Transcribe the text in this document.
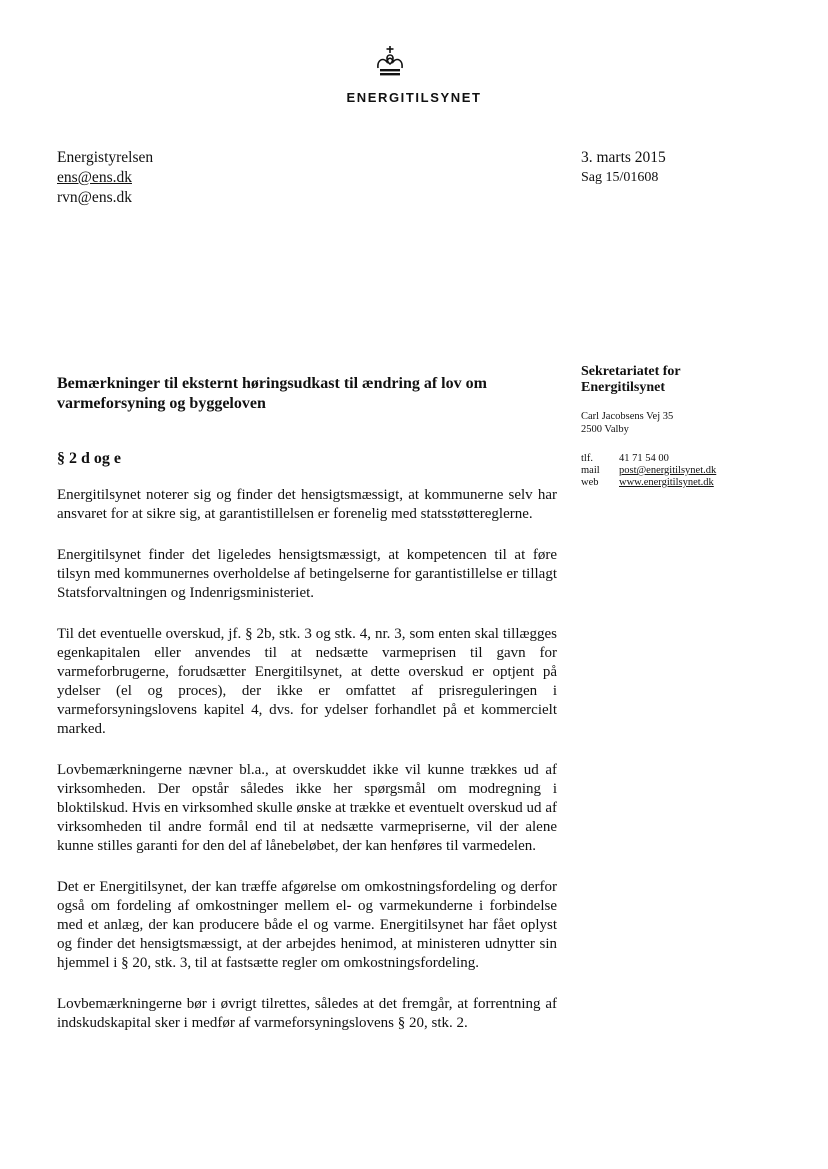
ENERGITILSYNET
Energistyrelsen
ens@ens.dk
rvn@ens.dk
3. marts 2015
Sag 15/01608
Bemærkninger til eksternt høringsudkast til ændring af lov om varmeforsyning og byggeloven
Sekretariatet for
Energitilsynet
Carl Jacobsens Vej 35
2500 Valby
tlf.	41 71 54 00
mail	post@energitilsynet.dk
web	www.energitilsynet.dk
§ 2 d og e

Energitilsynet noterer sig og finder det hensigtsmæssigt, at kommunerne selv har ansvaret for at sikre sig, at garantistillelsen er forenelig med statsstøttereglerne.

Energitilsynet finder det ligeledes hensigtsmæssigt, at kompetencen til at føre tilsyn med kommunernes overholdelse af betingelserne for garantistillelse er tillagt Statsforvaltningen og Indenrigsministeriet.

Til det eventuelle overskud, jf. § 2b, stk. 3 og stk. 4, nr. 3, som enten skal tillægges egenkapitalen eller anvendes til at nedsætte varmeprisen til gavn for varmeforbrugerne, forudsætter Energitilsynet, at dette overskud er optjent på ydelser (el og proces), der ikke er omfattet af prisreguleringen i varmeforsyningslovens kapitel 4, dvs. for ydelser forhandlet på et kommercielt marked.

Lovbemærkningerne nævner bl.a., at overskuddet ikke vil kunne trækkes ud af virksomheden. Der opstår således ikke her spørgsmål om modregning i bloktilskud. Hvis en virksomhed skulle ønske at trække et eventuelt overskud ud af virksomheden til andre formål end til at nedsætte varmepriserne, vil der alene kunne stilles garanti for den del af lånebeløbet, der kan henføres til varmedelen.

Det er Energitilsynet, der kan træffe afgørelse om omkostningsfordeling og derfor også om fordeling af omkostninger mellem el- og varmekunderne i forbindelse med et anlæg, der kan producere både el og varme. Energitilsynet har fået oplyst og finder det hensigtsmæssigt, at der arbejdes henimod, at ministeren udnytter sin hjemmel i § 20, stk. 3, til at fastsætte regler om omkostningsfordeling.

Lovbemærkningerne bør i øvrigt tilrettes, således at det fremgår, at forrentning af indskudskapital sker i medfør af varmeforsyningslovens § 20, stk. 2.
